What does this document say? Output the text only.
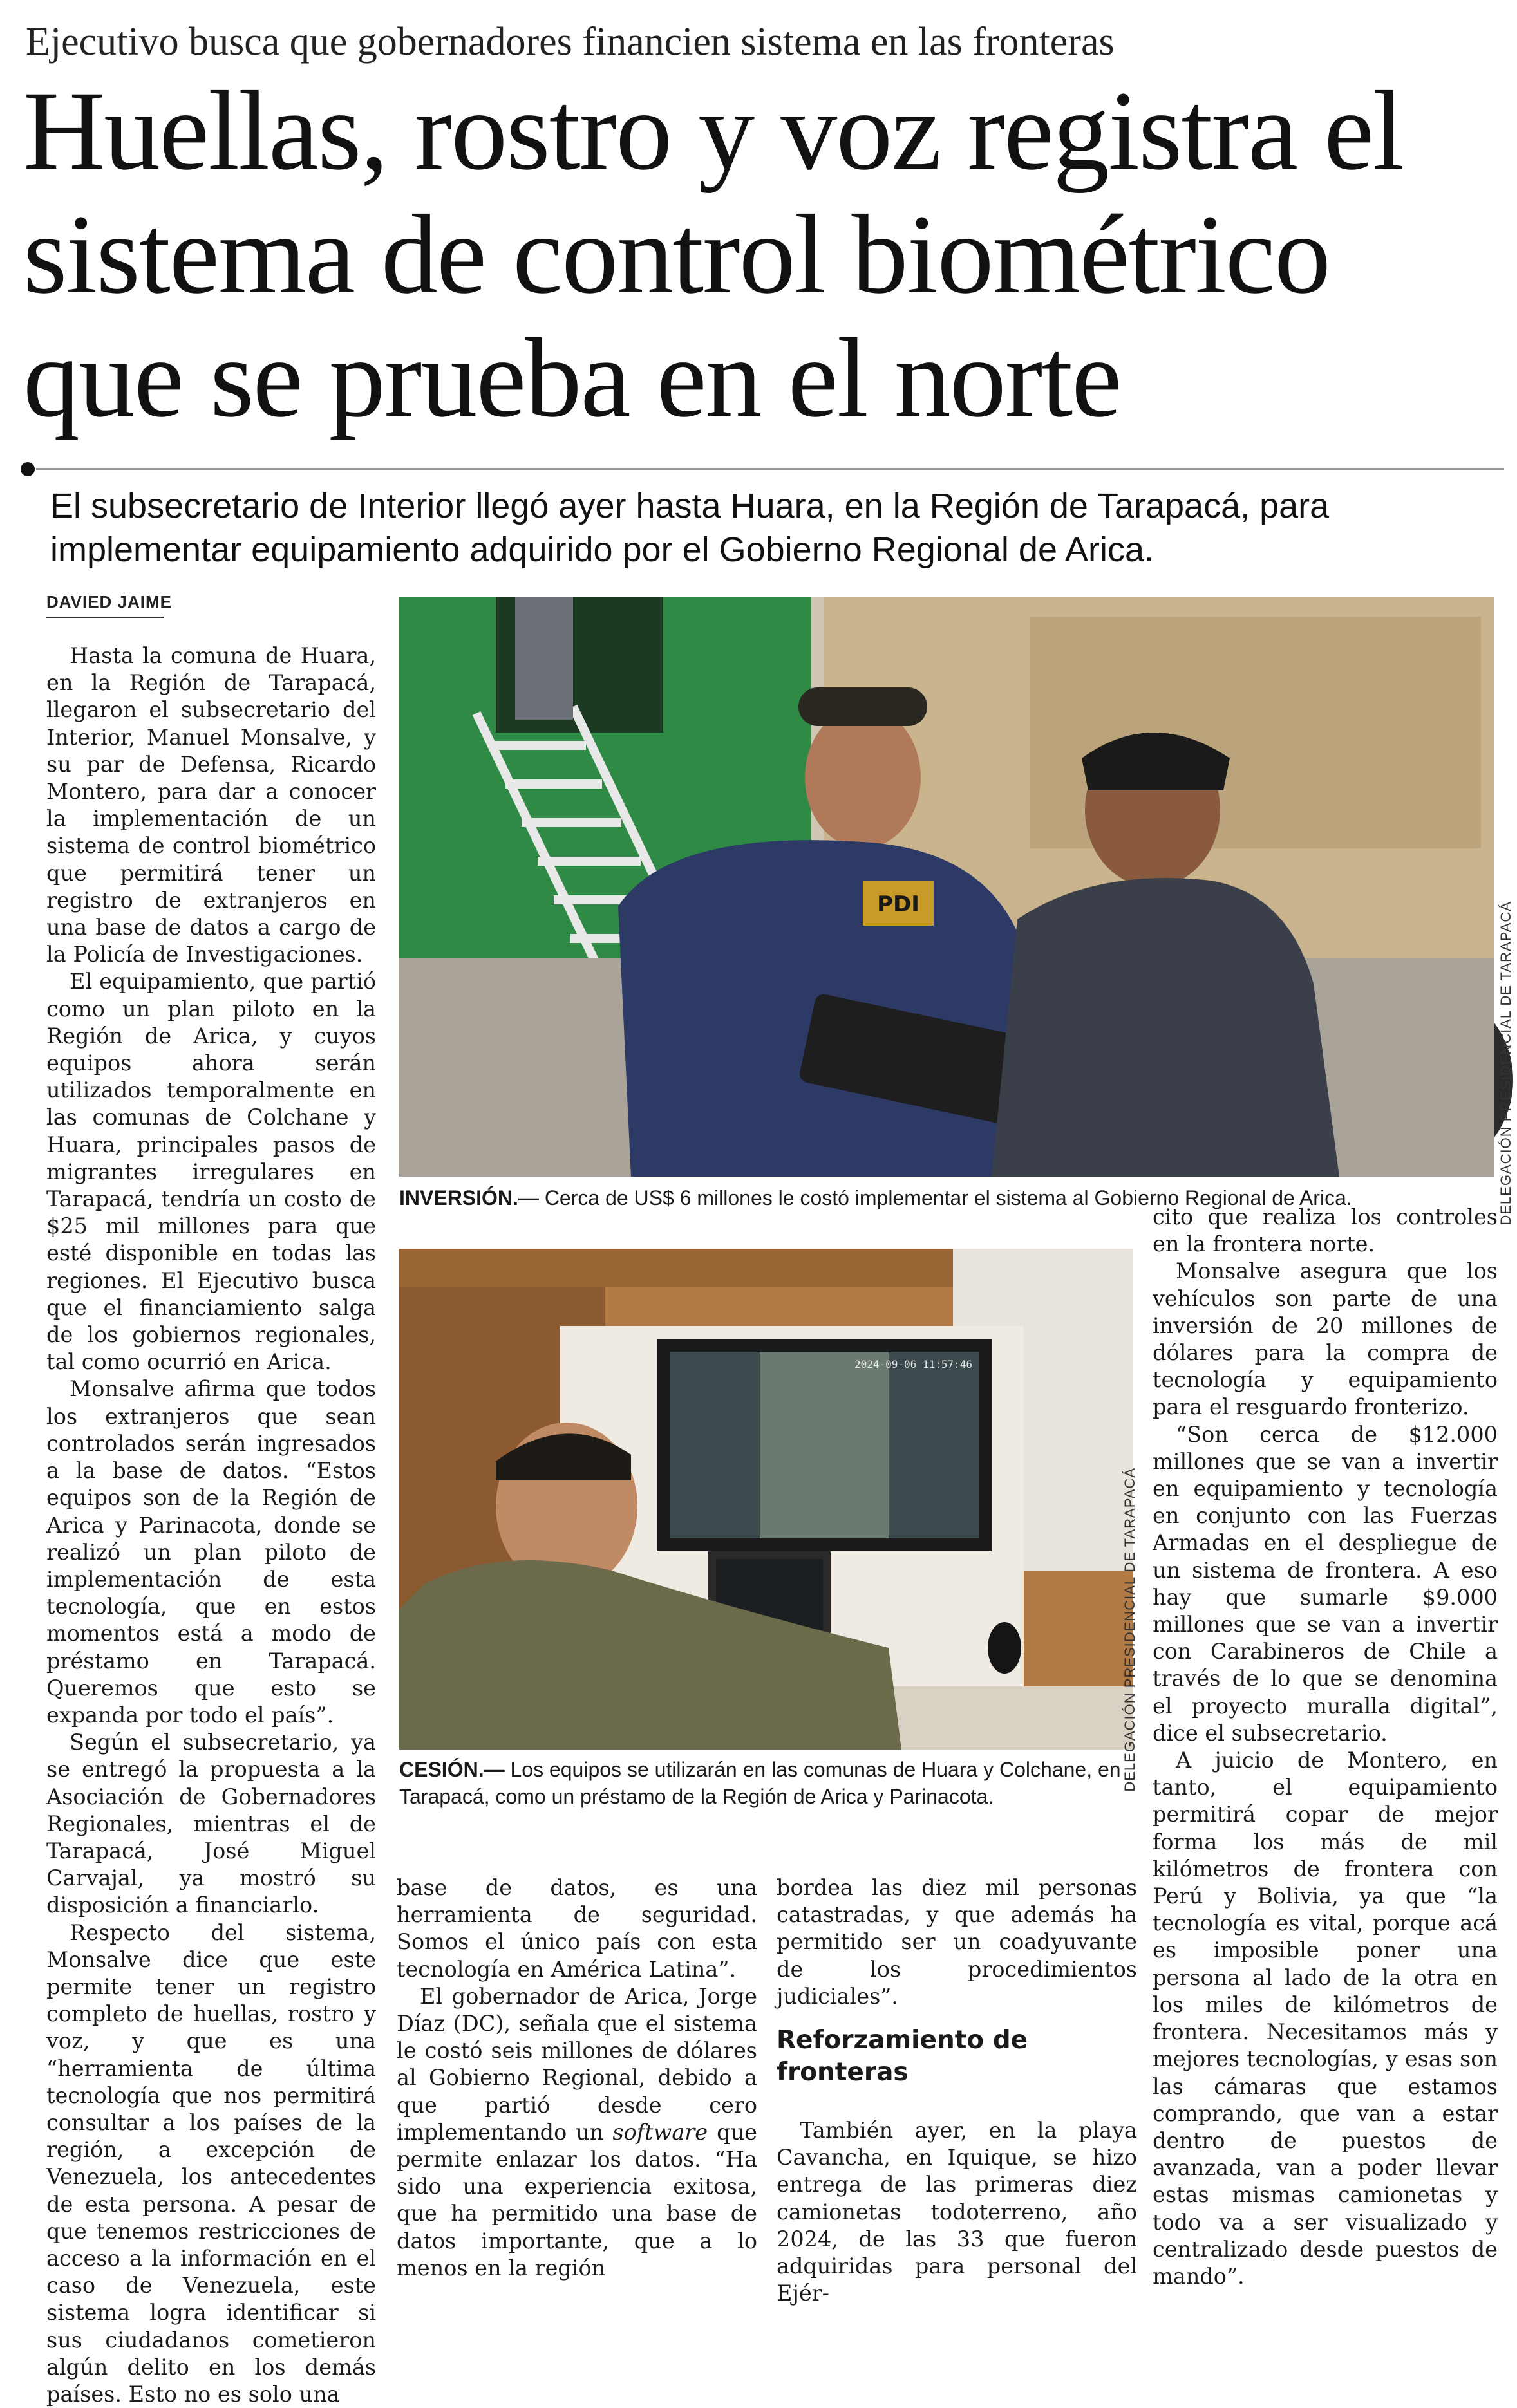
Ejecutivo busca que gobernadores financien sistema en las fronteras
Huellas, rostro y voz registra el sistema de control biométrico que se prueba en el norte

El subsecretario de Interior llegó ayer hasta Huara, en la Región de Tarapacá, para implementar equipamiento adquirido por el Gobierno Regional de Arica.

DAVIED JAIME

Hasta la comuna de Huara, en la Región de Tarapacá, llegaron el subsecretario del Interior, Manuel Monsalve, y su par de Defensa, Ricardo Montero, para dar a conocer la implementación de un sistema de control biométrico que permitirá tener un registro de extranjeros en una base de datos a cargo de la Policía de Investigaciones.

El equipamiento, que partió como un plan piloto en la Región de Arica, y cuyos equipos ahora serán utilizados temporalmente en las comunas de Colchane y Huara, principales pasos de migrantes irregulares en Tarapacá, tendría un costo de $25 mil millones para que esté disponible en todas las regiones. El Ejecutivo busca que el financiamiento salga de los gobiernos regionales, tal como ocurrió en Arica.

Monsalve afirma que todos los extranjeros que sean controlados serán ingresados a la base de datos. “Estos equipos son de la Región de Arica y Parinacota, donde se realizó un plan piloto de implementación de esta tecnología, que en estos momentos está a modo de préstamo en Tarapacá. Queremos que esto se expanda por todo el país”.

Según el subsecretario, ya se entregó la propuesta a la Asociación de Gobernadores Regionales, mientras el de Tarapacá, José Miguel Carvajal, ya mostró su disposición a financiarlo.

Respecto del sistema, Monsalve dice que este permite tener un registro completo de huellas, rostro y voz, y que es una “herramienta de última tecnología que nos permitirá consultar a los países de la región, a excepción de Venezuela, los antecedentes de esta persona. A pesar de que tenemos restricciones de acceso a la información en el caso de Venezuela, este sistema logra identificar si sus ciudadanos cometieron algún delito en los demás países. Esto no es solo una

PDI	DELEGACIÓN PRESIDENCIAL DE TARAPACÁ
INVERSIÓN.— Cerca de US$ 6 millones le costó implementar el sistema al Gobierno Regional de Arica.
2024-09-06 11:57:46
DELEGACIÓN PRESIDENCIAL DE TARAPACÁ
CESIÓN.— Los equipos se utilizarán en las comunas de Huara y Colchane, en Tarapacá, como un préstamo de la Región de Arica y Parinacota.

base de datos, es una herramienta de seguridad. Somos el único país con esta tecnología en América Latina”.

El gobernador de Arica, Jorge Díaz (DC), señala que el sistema le costó seis millones de dólares al Gobierno Regional, debido a que partió desde cero implementando un software que permite enlazar los datos. “Ha sido una experiencia exitosa, que ha permitido una base de datos importante, que a lo menos en la región

bordea las diez mil personas catastradas, y que además ha permitido ser un coadyuvante de los procedimientos judiciales”.

Reforzamiento de fronteras

También ayer, en la playa Cavancha, en Iquique, se hizo entrega de las primeras diez camionetas todoterreno, año 2024, de las 33 que fueron adquiridas para personal del Ejér-

cito que realiza los controles en la frontera norte.

Monsalve asegura que los vehículos son parte de una inversión de 20 millones de dólares para la compra de tecnología y equipamiento para el resguardo fronterizo.

“Son cerca de $12.000 millones que se van a invertir en equipamiento y tecnología en conjunto con las Fuerzas Armadas en el despliegue de un sistema de frontera. A eso hay que sumarle $9.000 millones que se van a invertir con Carabineros de Chile a través de lo que se denomina el proyecto muralla digital”, dice el subsecretario.

A juicio de Montero, en tanto, el equipamiento permitirá copar de mejor forma los más de mil kilómetros de frontera con Perú y Bolivia, ya que “la tecnología es vital, porque acá es imposible poner una persona al lado de la otra en los miles de kilómetros de frontera. Necesitamos más y mejores tecnologías, y esas son las cámaras que estamos comprando, que van a estar dentro de puestos de avanzada, van a poder llevar estas mismas camionetas y todo va a ser visualizado y centralizado desde puestos de mando”.
